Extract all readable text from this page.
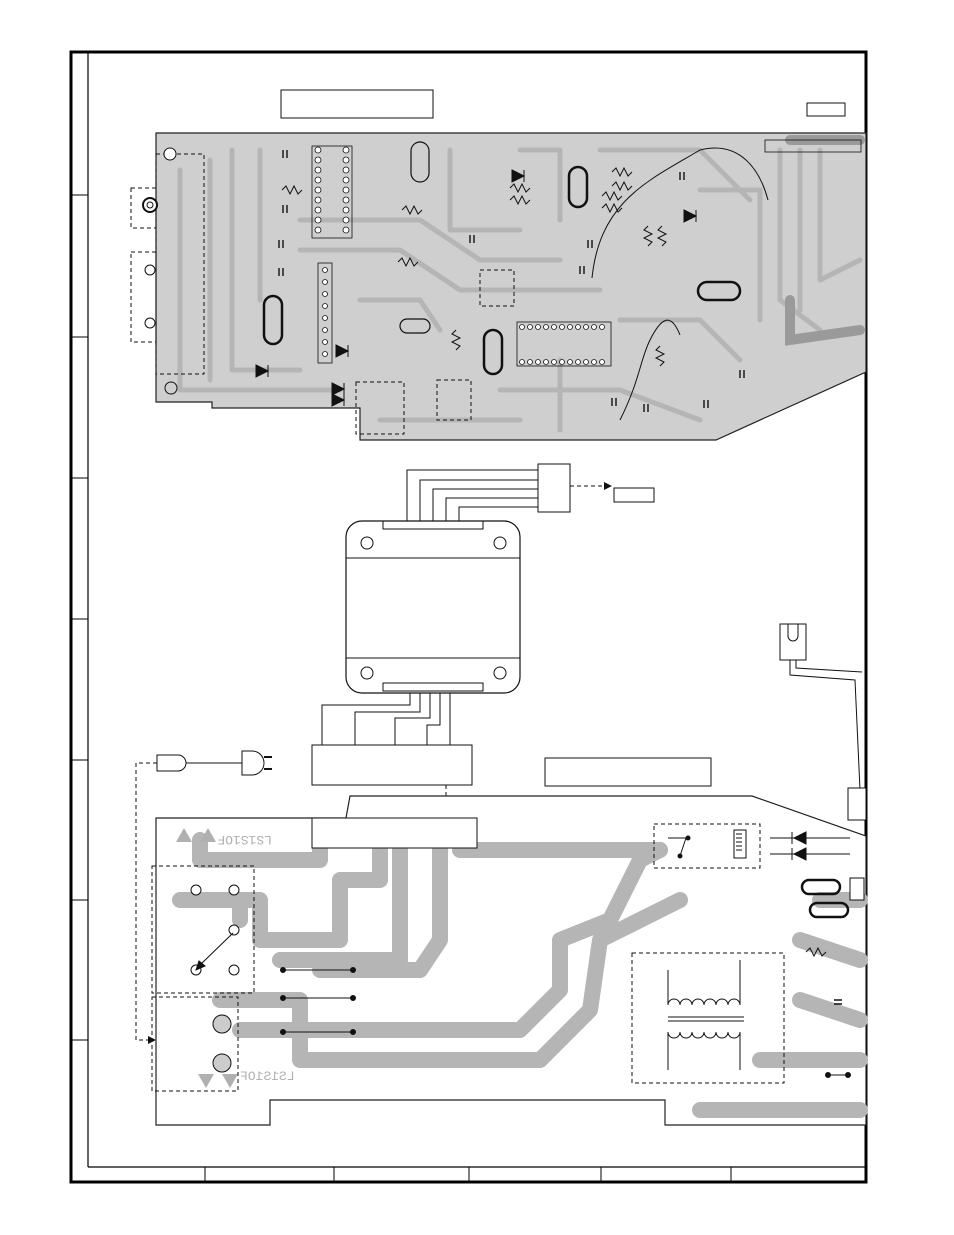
LS1S1OF
LS1S1OF
